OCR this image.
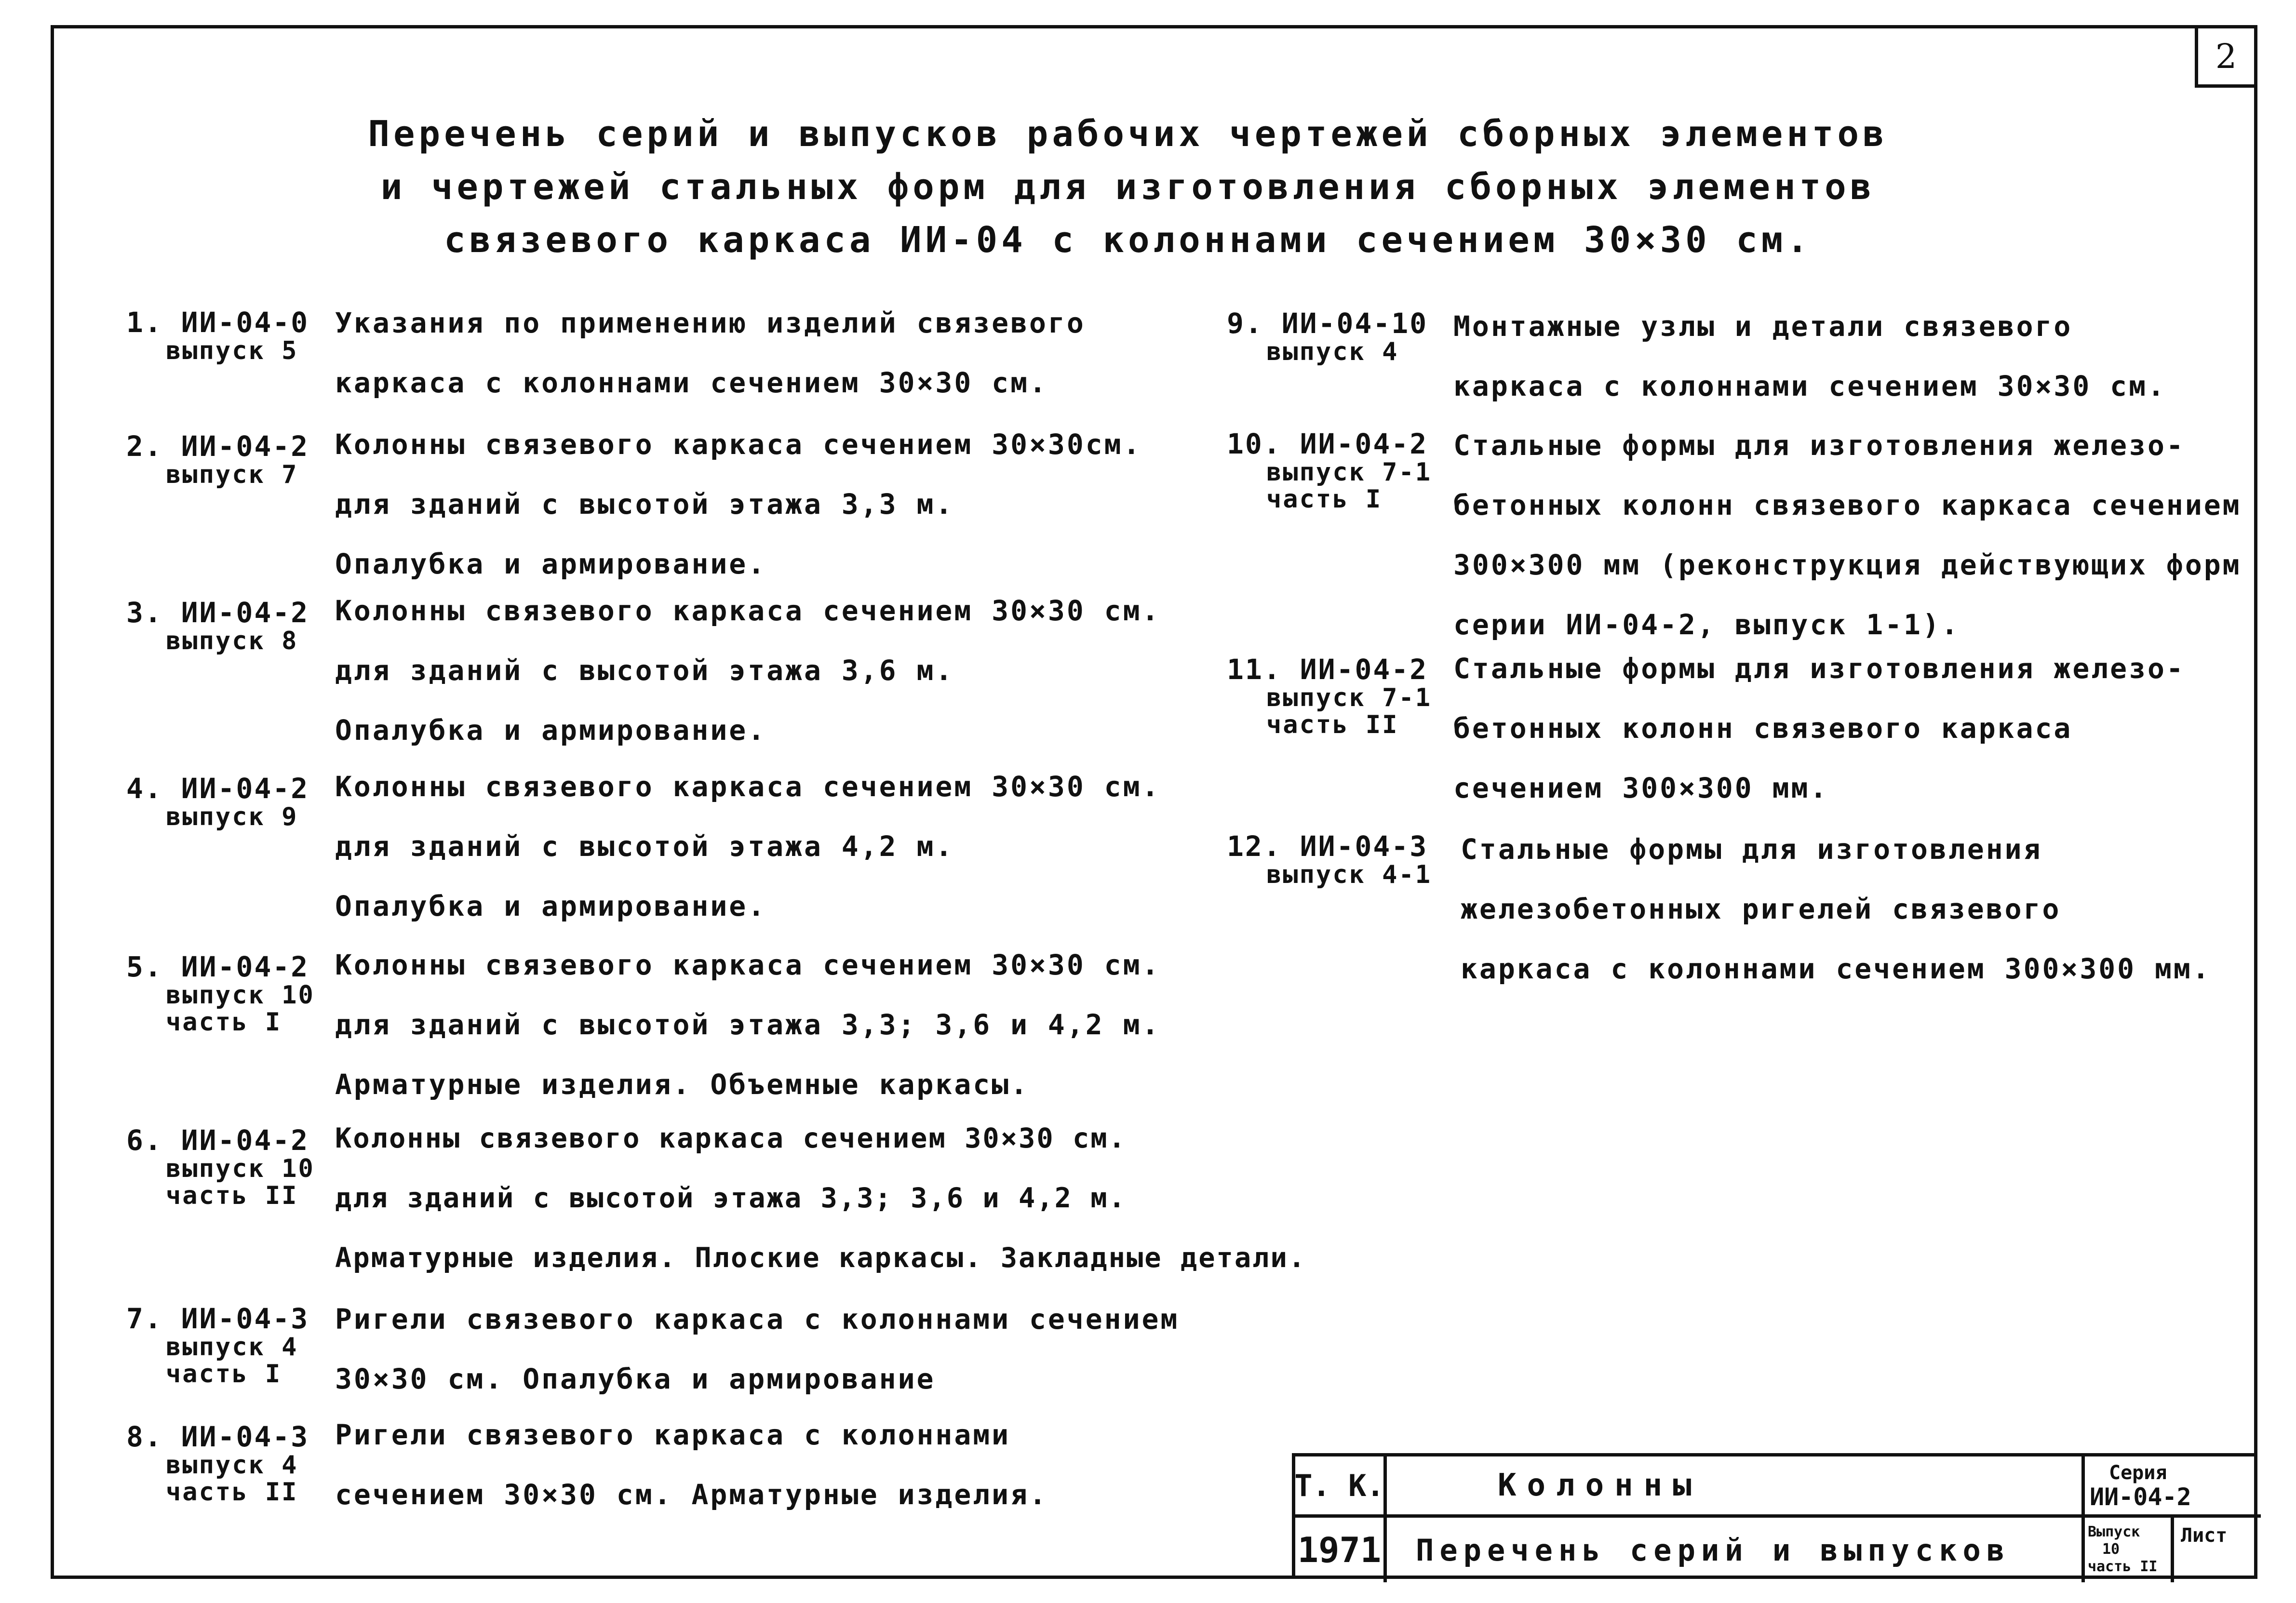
2
Перечень серий и выпусков рабочих чертежей сборных элементов
и чертежей стальных форм для изготовления сборных элементов
связевого каркаса ИИ-04 с колоннами сечением 30×30 см.
1. ИИ-04-0
выпуск 5
Указания по применению изделий связевого
каркаса с колоннами сечением 30×30 см.
2. ИИ-04-2
выпуск 7
Колонны связевого каркаса сечением 30×30см.
для зданий с высотой этажа 3,3 м.
Опалубка и армирование.
3. ИИ-04-2
выпуск 8
Колонны связевого каркаса сечением 30×30 см.
для зданий с высотой этажа 3,6 м.
Опалубка и армирование.
4. ИИ-04-2
выпуск 9
Колонны связевого каркаса сечением 30×30 см.
для зданий с высотой этажа 4,2 м.
Опалубка и армирование.
5. ИИ-04-2
выпуск 10
часть I
Колонны связевого каркаса сечением 30×30 см.
для зданий с высотой этажа 3,3; 3,6 и 4,2 м.
Арматурные изделия. Объемные каркасы.
6. ИИ-04-2
выпуск 10
часть II
Колонны связевого каркаса сечением 30×30 см.
для зданий с высотой этажа 3,3; 3,6 и 4,2 м.
Арматурные изделия. Плоские каркасы. Закладные детали.
7. ИИ-04-3
выпуск 4
часть I
Ригели связевого каркаса с колоннами сечением
30×30 см. Опалубка и армирование
8. ИИ-04-3
выпуск 4
часть II
Ригели связевого каркаса с колоннами
сечением 30×30 см. Арматурные изделия.
9. ИИ-04-10
выпуск 4
Монтажные узлы и детали связевого
каркаса с колоннами сечением 30×30 см.
10. ИИ-04-2
выпуск 7-1
часть I
Стальные формы для изготовления железо-
бетонных колонн связевого каркаса сечением
300×300 мм (реконструкция действующих форм
серии ИИ-04-2, выпуск 1-1).
11. ИИ-04-2
выпуск 7-1
часть II
Стальные формы для изготовления железо-
бетонных колонн связевого каркаса
сечением 300×300 мм.
12. ИИ-04-3
выпуск 4-1
Стальные формы для изготовления
железобетонных ригелей связевого
каркаса с колоннами сечением 300×300 мм.
Т. К.
1971
Колонны
Перечень серий и выпусков
Серия
ИИ-04-2
Выпуск
10
часть II
Лист
